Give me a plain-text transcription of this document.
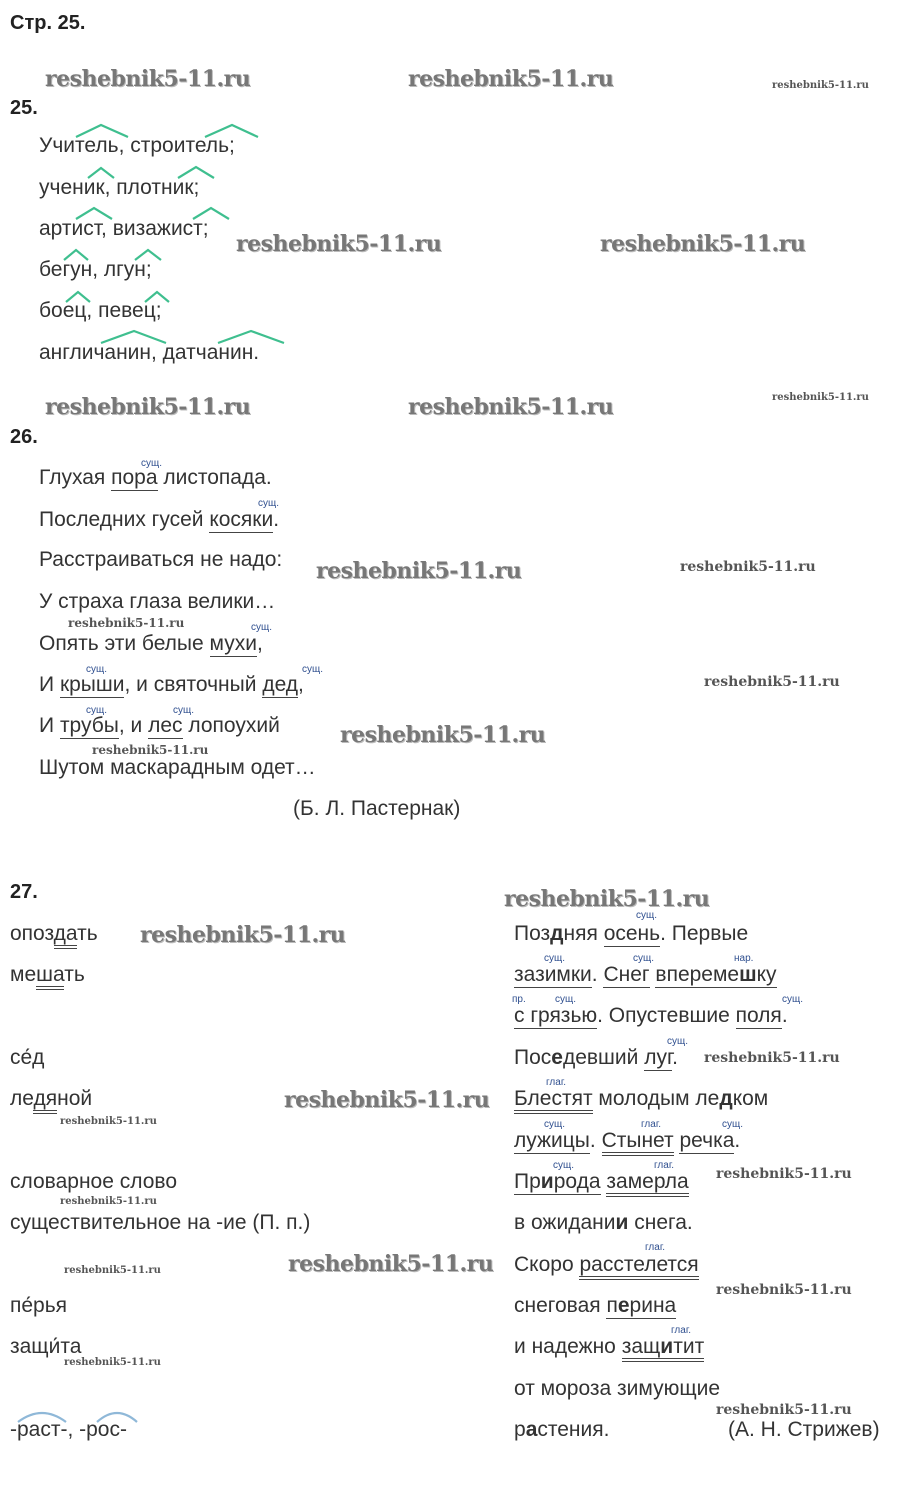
Стр. 25.
reshebnik5-11.ru	reshebnik5-11.ru	reshebnik5-11.ru
reshebnik5-11.ru	reshebnik5-11.ru
reshebnik5-11.ru	reshebnik5-11.ru	reshebnik5-11.ru
reshebnik5-11.ru	reshebnik5-11.ru
reshebnik5-11.ru
reshebnik5-11.ru
reshebnik5-11.ru
reshebnik5-11.ru
reshebnik5-11.ru
reshebnik5-11.ru
reshebnik5-11.ru
reshebnik5-11.ru
reshebnik5-11.ru
reshebnik5-11.ru
reshebnik5-11.ru
reshebnik5-11.ru
reshebnik5-11.ru
reshebnik5-11.ru
reshebnik5-11.ru
reshebnik5-11.ru
25.
Учитель, строитель;
ученик, плотник;
артист, визажист;
бегун, лгун;
боец, певец;
англичанин, датчанин.
26.
Глухая пора листопада.
сущ.
Последних гусей косяки.
сущ.
Расстраиваться не надо:
У страха глаза велики…
Опять эти белые мухи,
сущ.
И крыши, и святочный дед,
сущ.	сущ.
И трубы, и лес лопоухий
сущ.	сущ.
Шутом маскарадным одет…
(Б. Л. Пастернак)
27.
опоздать
мешать
се́д
ледяной
словарное слово
существительное на -ие (П. п.)
пе́рья
защи́та
-раст-, -рос-
Поздняя осень. Первые
сущ.
зазимки. Снег вперемешку
сущ.	сущ.	нар.
с грязью. Опустевшие поля.
пр.	сущ.	сущ.
Поседевший луг.
сущ.
Блестят молодым ледком
глаг.
лужицы. Стынет речка.
сущ.	глаг.	сущ.
Природа замерла
сущ.	глаг.
в ожидании снега.
Скоро расстелется
глаг.
снеговая перина
и надежно защитит
глаг.
от мороза зимующие
растения.	(А. Н. Стрижев)
